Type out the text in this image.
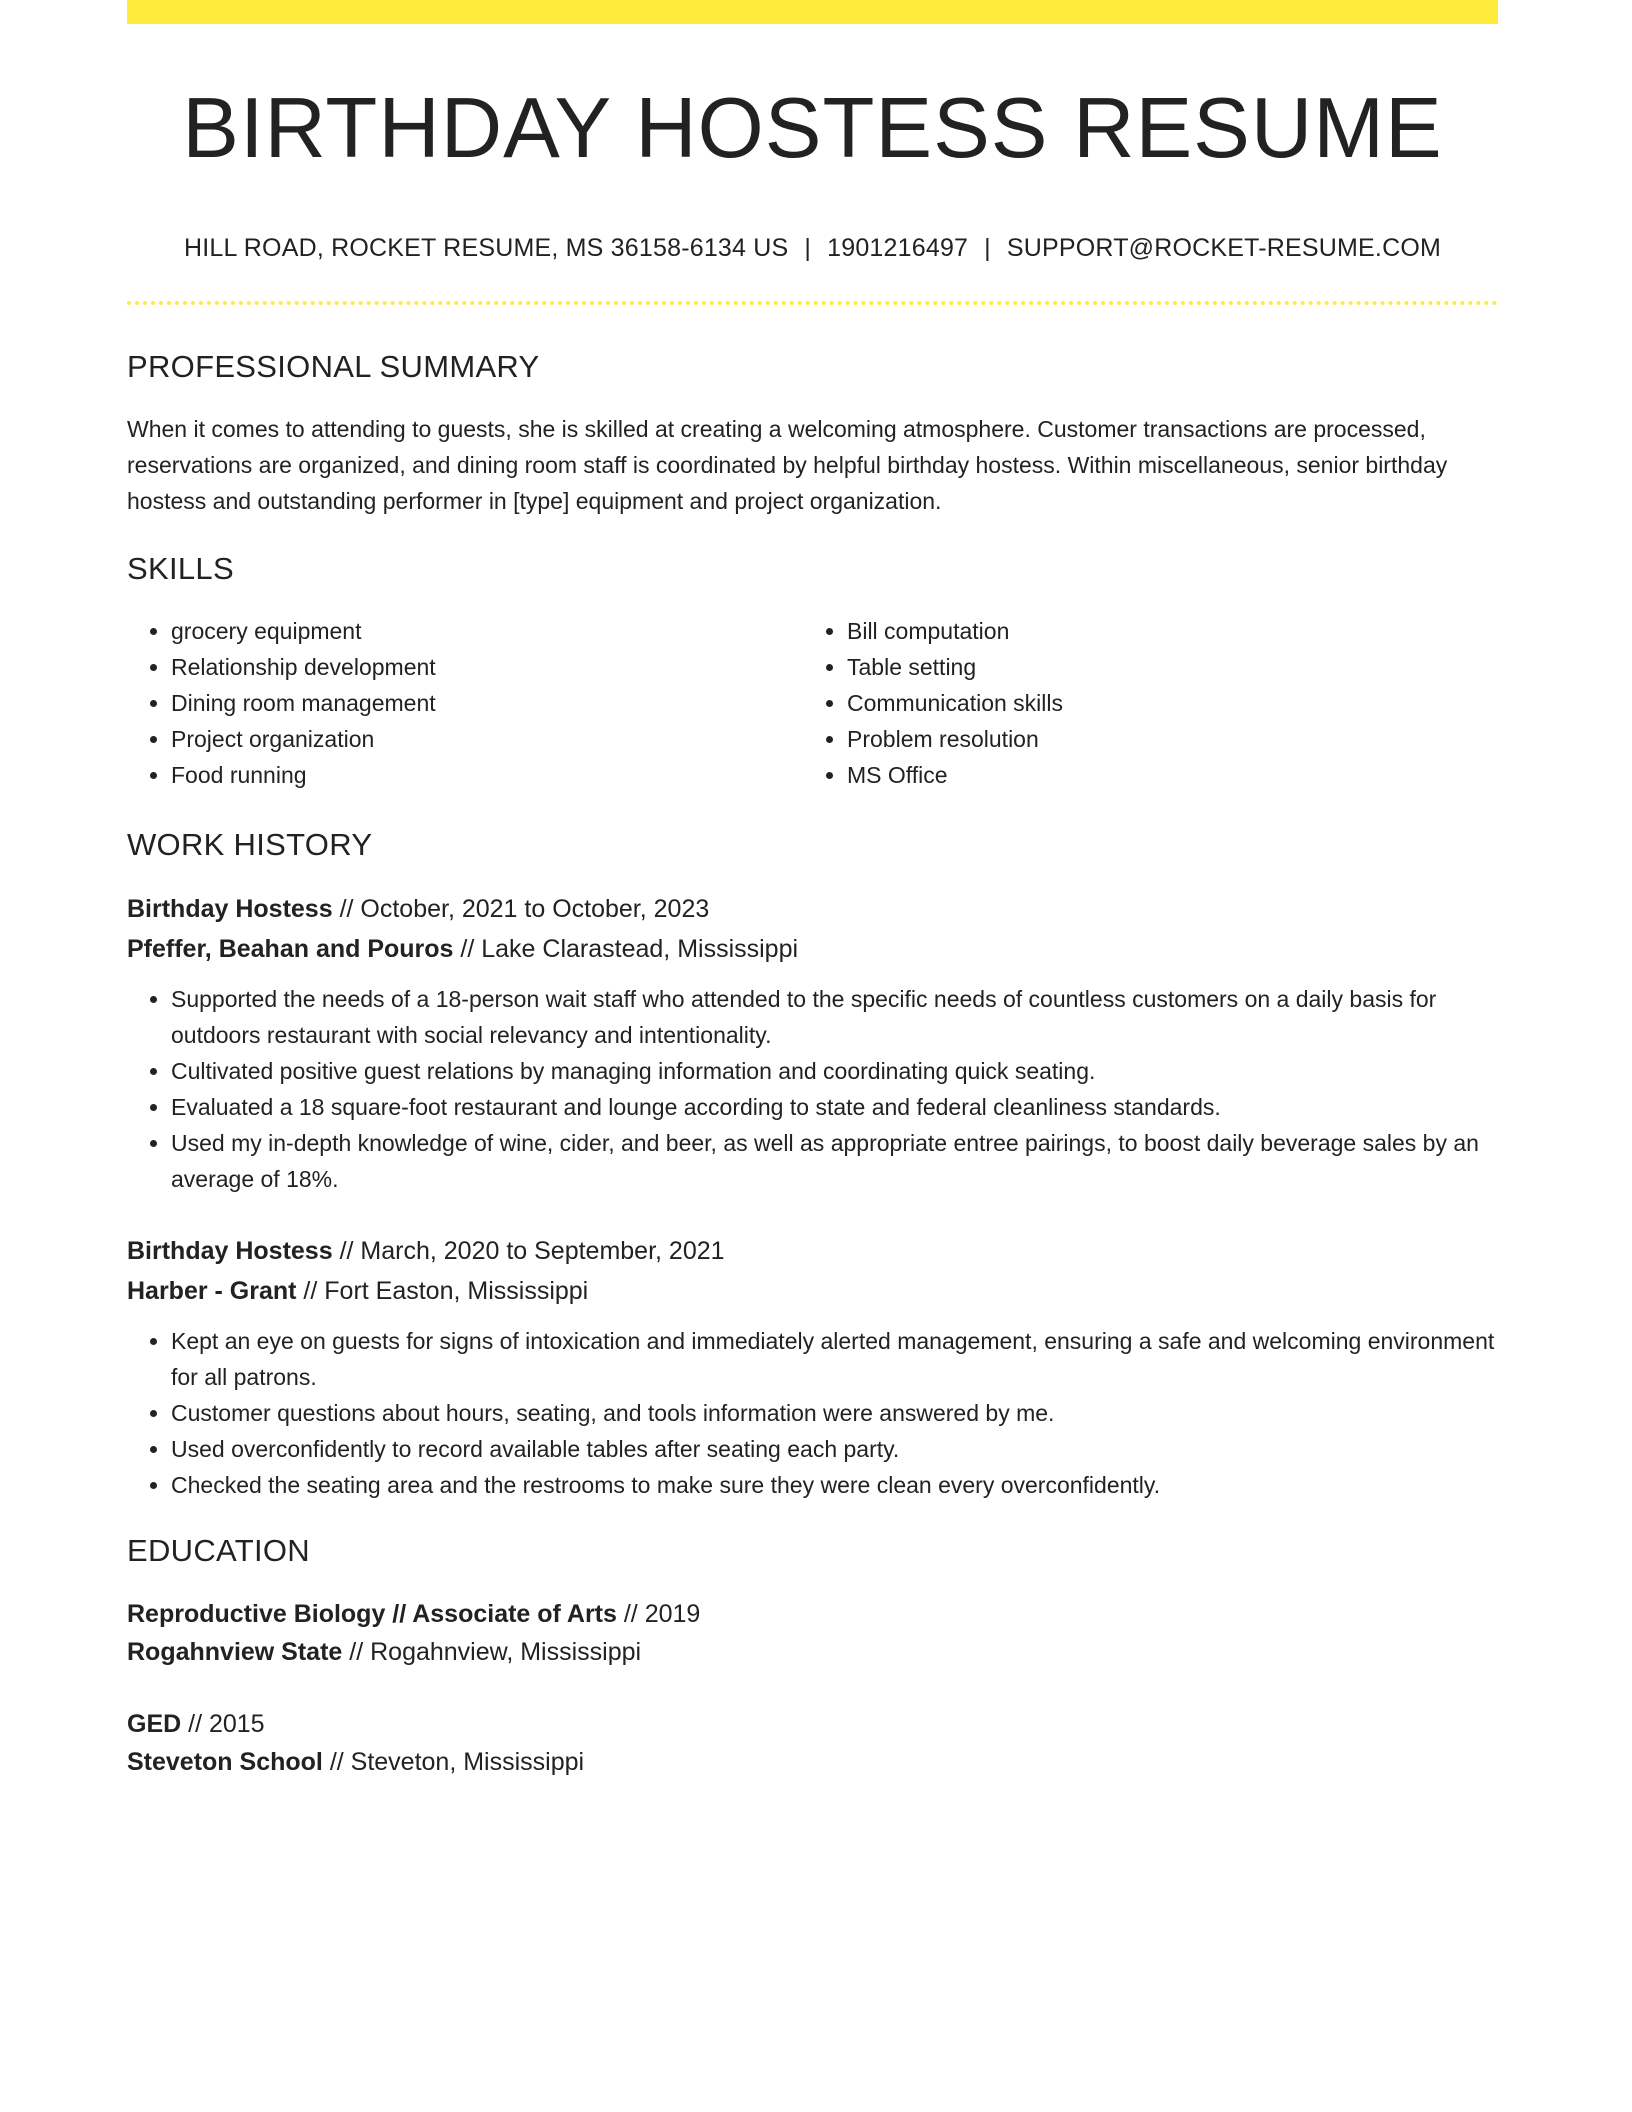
BIRTHDAY HOSTESS RESUME
HILL ROAD, ROCKET RESUME, MS 36158-6134 US | 1901216497 | SUPPORT@ROCKET-RESUME.COM
PROFESSIONAL SUMMARY
When it comes to attending to guests, she is skilled at creating a welcoming atmosphere. Customer transactions are processed, reservations are organized, and dining room staff is coordinated by helpful birthday hostess. Within miscellaneous, senior birthday hostess and outstanding performer in [type] equipment and project organization.
SKILLS
• grocery equipment
• Relationship development
• Dining room management
• Project organization
• Food running
• Bill computation
• Table setting
• Communication skills
• Problem resolution
• MS Office
WORK HISTORY
Birthday Hostess // October, 2021 to October, 2023
Pfeffer, Beahan and Pouros // Lake Clarastead, Mississippi
• Supported the needs of a 18-person wait staff who attended to the specific needs of countless customers on a daily basis for outdoors restaurant with social relevancy and intentionality.
• Cultivated positive guest relations by managing information and coordinating quick seating.
• Evaluated a 18 square-foot restaurant and lounge according to state and federal cleanliness standards.
• Used my in-depth knowledge of wine, cider, and beer, as well as appropriate entree pairings, to boost daily beverage sales by an average of 18%.
Birthday Hostess // March, 2020 to September, 2021
Harber - Grant // Fort Easton, Mississippi
• Kept an eye on guests for signs of intoxication and immediately alerted management, ensuring a safe and welcoming environment for all patrons.
• Customer questions about hours, seating, and tools information were answered by me.
• Used overconfidently to record available tables after seating each party.
• Checked the seating area and the restrooms to make sure they were clean every overconfidently.
EDUCATION
Reproductive Biology // Associate of Arts // 2019
Rogahnview State // Rogahnview, Mississippi
GED // 2015
Steveton School // Steveton, Mississippi
